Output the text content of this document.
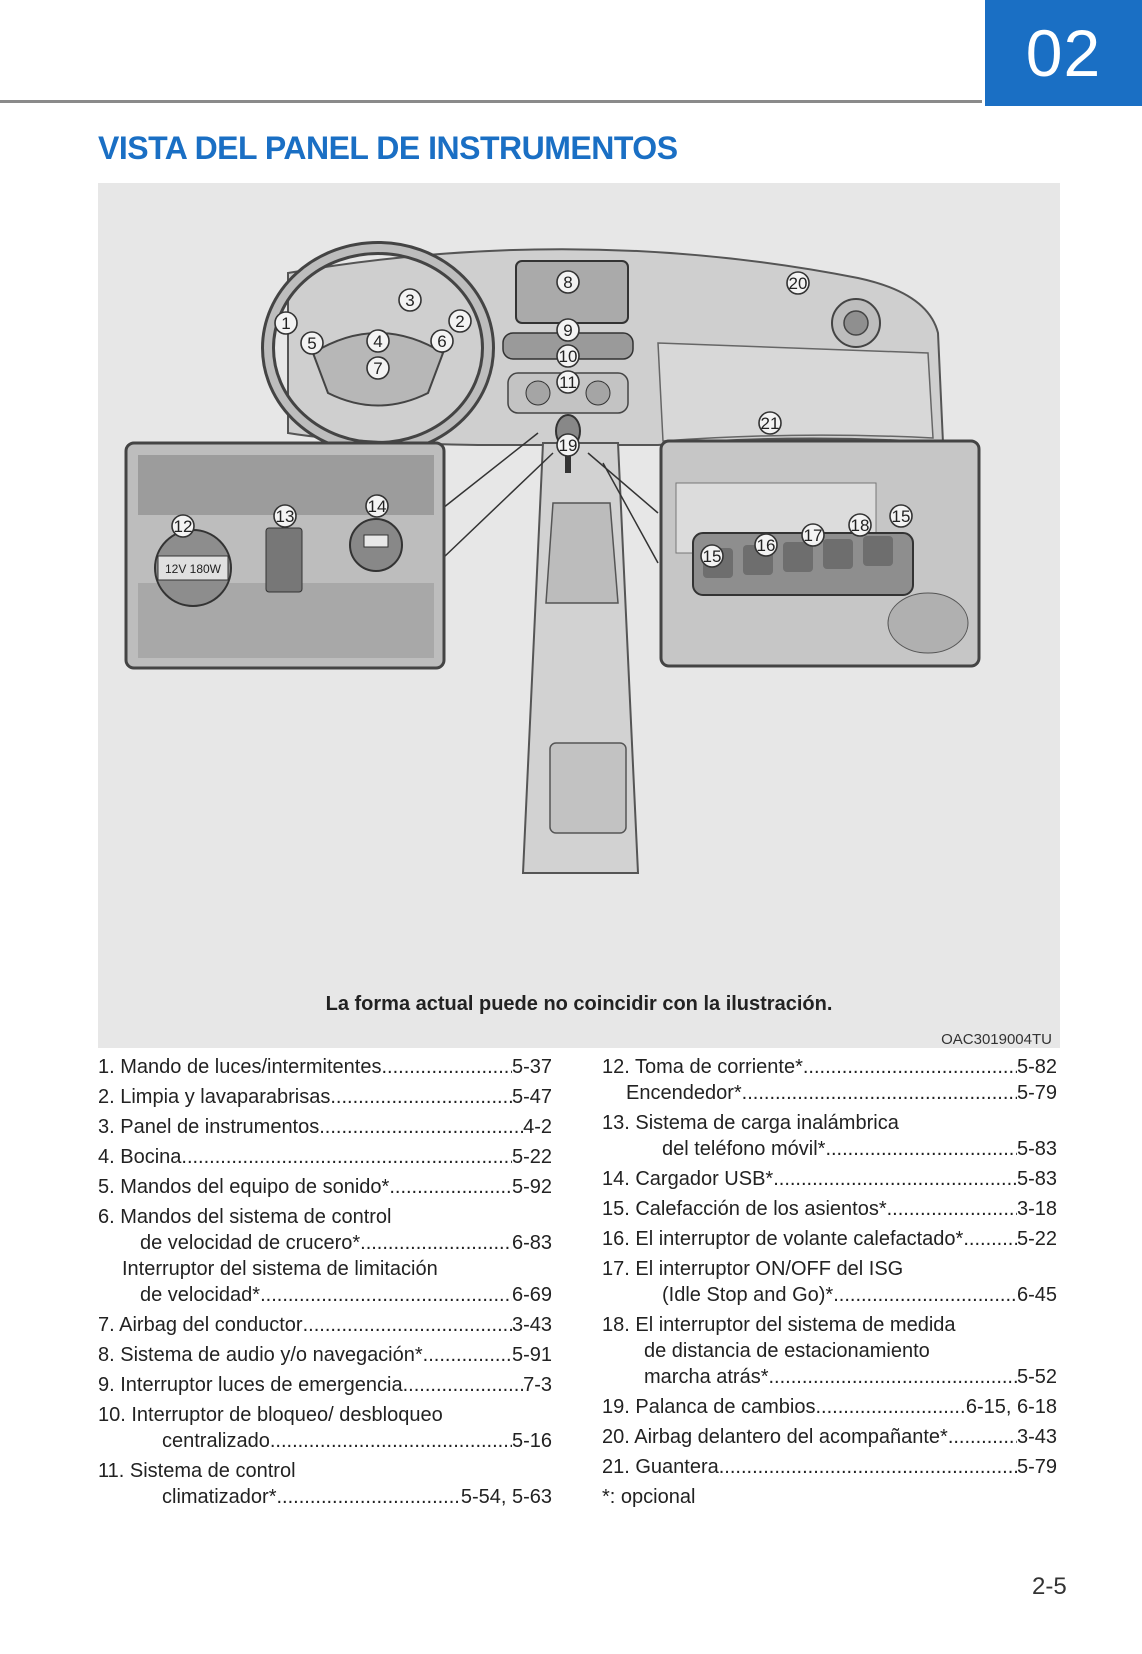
02
VISTA DEL PANEL DE INSTRUMENTOS
12V 180W
1	2
3
4
5	6
7
8
9
10
11
12
13
14
15
15
16
17
18
19
20
21
La forma actual puede no coincidir con la ilustración.
OAC3019004TU
1. Mando de luces/intermitentes .....	5-37
2. Limpia y lavaparabrisas .....	5-47
3. Panel de instrumentos .....	4-2
4. Bocina .....	5-22
5. Mandos del equipo de sonido* .....	5-92
6. Mandos del sistema de control
de velocidad de crucero* .....	6-83
Interruptor del sistema de limitación
de velocidad* .....	6-69
7. Airbag del conductor .....	3-43
8. Sistema de audio y/o navegación* .....	5-91
9. Interruptor luces de emergencia .....	7-3
10. Interruptor de bloqueo/ desbloqueo
centralizado .....	5-16
11. Sistema de control
climatizador* .....	5-54, 5-63
12. Toma de corriente* .....	5-82
Encendedor* .....	5-79
13. Sistema de carga inalámbrica
del teléfono móvil* .....	5-83
14. Cargador USB* .....	5-83
15. Calefacción de los asientos* .....	3-18
16. El interruptor de volante calefactado* .....	5-22
17. El interruptor ON/OFF del ISG
(Idle Stop and Go)* .....	6-45
18. El interruptor del sistema de medida
de distancia de estacionamiento
marcha atrás* .....	5-52
19. Palanca de cambios .....	6-15, 6-18
20. Airbag delantero del acompañante* .....	3-43
21. Guantera .....	5-79
*: opcional
2-5
